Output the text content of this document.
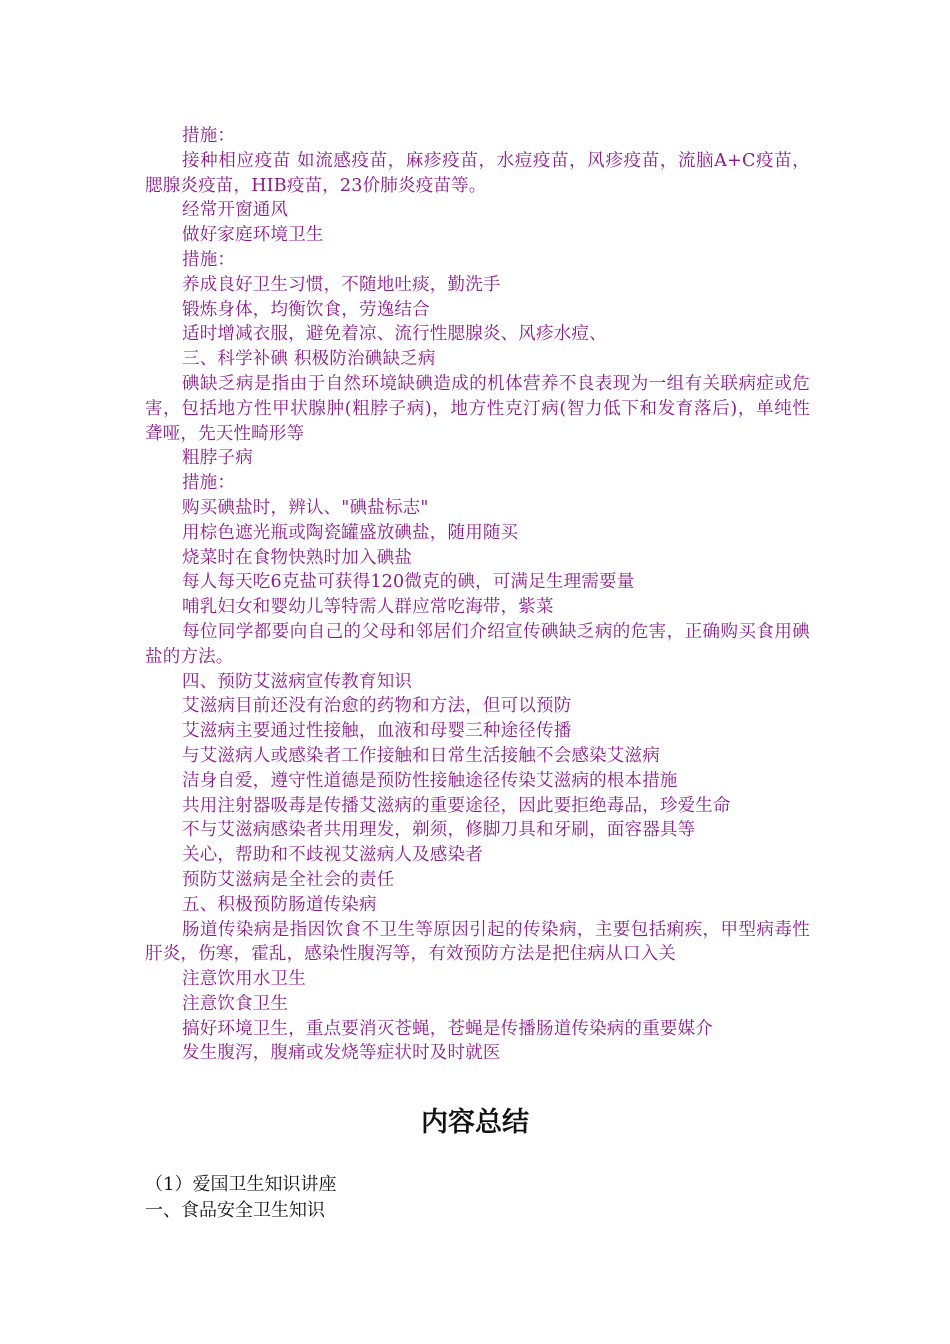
措施：

接种相应疫苗 如流感疫苗，麻疹疫苗，水痘疫苗，风疹疫苗，流脑A+C疫苗，腮腺炎疫苗，HIB疫苗，23价肺炎疫苗等。

经常开窗通风

做好家庭环境卫生

措施：

养成良好卫生习惯，不随地吐痰，勤洗手

锻炼身体，均衡饮食，劳逸结合

适时增减衣服，避免着凉、流行性腮腺炎、风疹水痘、

三、科学补碘 积极防治碘缺乏病

碘缺乏病是指由于自然环境缺碘造成的机体营养不良表现为一组有关联病症或危害，包括地方性甲状腺肿(粗脖子病)，地方性克汀病(智力低下和发育落后)，单纯性聋哑，先天性畸形等

粗脖子病

措施：

购买碘盐时，辨认、"碘盐标志"

用棕色遮光瓶或陶瓷罐盛放碘盐，随用随买

烧菜时在食物快熟时加入碘盐

每人每天吃6克盐可获得120微克的碘，可满足生理需要量

哺乳妇女和婴幼儿等特需人群应常吃海带，紫菜

每位同学都要向自己的父母和邻居们介绍宣传碘缺乏病的危害，正确购买食用碘盐的方法。

四、预防艾滋病宣传教育知识

艾滋病目前还没有治愈的药物和方法，但可以预防

艾滋病主要通过性接触，血液和母婴三种途径传播

与艾滋病人或感染者工作接触和日常生活接触不会感染艾滋病

洁身自爱，遵守性道德是预防性接触途径传染艾滋病的根本措施

共用注射器吸毒是传播艾滋病的重要途径，因此要拒绝毒品，珍爱生命

不与艾滋病感染者共用理发，剃须，修脚刀具和牙刷，面容器具等

关心，帮助和不歧视艾滋病人及感染者

预防艾滋病是全社会的责任

五、积极预防肠道传染病

肠道传染病是指因饮食不卫生等原因引起的传染病，主要包括痢疾，甲型病毒性肝炎，伤寒，霍乱，感染性腹泻等，有效预防方法是把住病从口入关

注意饮用水卫生

注意饮食卫生

搞好环境卫生，重点要消灭苍蝇，苍蝇是传播肠道传染病的重要媒介

发生腹泻，腹痛或发烧等症状时及时就医

内容总结

（1）爱国卫生知识讲座

一、食品安全卫生知识
